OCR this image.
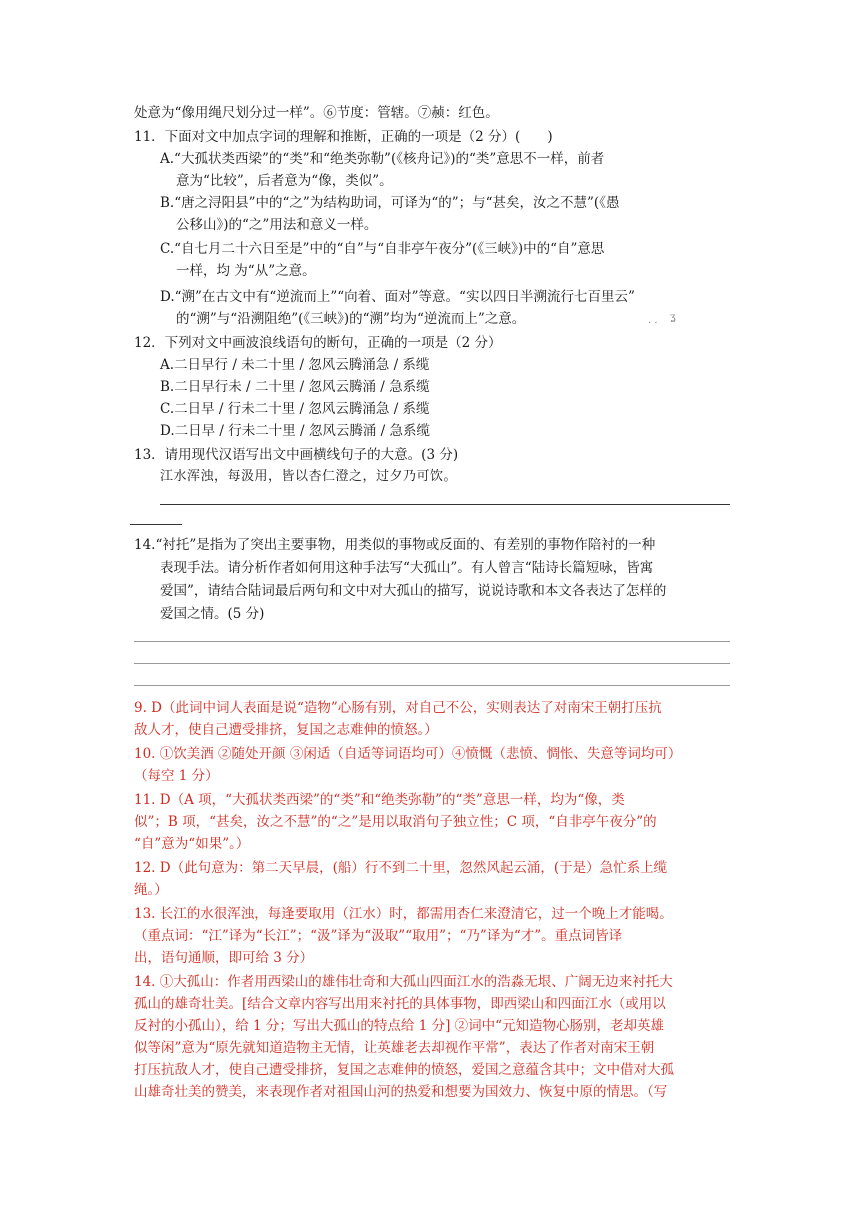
处意为“像用绳尺划分过一样”。⑥节度：管辖。⑦赪：红色。
11．下面对文中加点字词的理解和推断，正确的一项是（2 分）(　　)
A.“大孤状类西梁”的“类”和“绝类弥勒”(《核舟记》)的“类”意思不一样，前者
意为“比较”，后者意为“像，类似”。
B.“唐之浔阳县”中的“之”为结构助词，可译为“的”；与“甚矣，汝之不慧”(《愚
公移山》)的“之”用法和意义一样。
C.“自七月二十六日至是”中的“自”与“自非亭午夜分”(《三峡》)中的“自”意思
一样，均 为“从”之意。
D.“溯”在古文中有“逆流而上”“向着、面对”等意。“实以四日半溯流行七百里云”
的“溯”与“沿溯阻绝”(《三峡》)的“溯”均为“逆流而上”之意。	· ·
ʓ
12．下列对文中画波浪线语句的断句，正确的一项是（2 分）
A.二日早行 / 未二十里 / 忽风云腾涌急 / 系缆
B.二日早行未 / 二十里 / 忽风云腾涌 / 急系缆
C.二日早 / 行未二十里 / 忽风云腾涌急 / 系缆
D.二日早 / 行未二十里 / 忽风云腾涌 / 急系缆
13．请用现代汉语写出文中画横线句子的大意。(3 分)
江水浑浊，每汲用，皆以杏仁澄之，过夕乃可饮。
14.“衬托”是指为了突出主要事物，用类似的事物或反面的、有差别的事物作陪衬的一种
表现手法。请分析作者如何用这种手法写“大孤山”。有人曾言“陆诗长篇短咏，皆寓
爱国”，请结合陆词最后两句和文中对大孤山的描写，说说诗歌和本文各表达了怎样的
爱国之情。(5 分)
9. D（此词中词人表面是说“造物”心肠有别，对自己不公，实则表达了对南宋王朝打压抗
敌人才，使自己遭受排挤，复国之志难伸的愤怒。）
10. ①饮美酒 ②随处开颜 ③闲适（自适等词语均可）④愤慨（悲愤、惆怅、失意等词均可）
（每空 1 分）
11. D（A 项，“大孤状类西梁”的“类”和“绝类弥勒”的“类”意思一样，均为“像，类
似”；B 项，“甚矣，汝之不慧”的“之”是用以取消句子独立性；C 项，“自非亭午夜分”的
“自”意为“如果”。）
12. D（此句意为：第二天早晨，(船）行不到二十里，忽然风起云涌，(于是）急忙系上缆
绳。）
13. 长江的水很浑浊，每逢要取用（江水）时，都需用杏仁来澄清它，过一个晚上才能喝。
（重点词：“江”译为“长江”；“汲”译为“汲取”“取用”；“乃”译为“才”。重点词皆译
出，语句通顺，即可给 3 分）
14. ①大孤山：作者用西梁山的雄伟壮奇和大孤山四面江水的浩淼无垠、广阔无边来衬托大
孤山的雄奇壮美。[结合文章内容写出用来衬托的具体事物，即西梁山和四面江水（或用以
反衬的小孤山），给 1 分；写出大孤山的特点给 1 分] ②词中“元知造物心肠别，老却英雄
似等闲”意为“原先就知道造物主无情，让英雄老去却视作平常”，表达了作者对南宋王朝
打压抗敌人才，使自己遭受排挤，复国之志难伸的愤怒，爱国之意蕴含其中；文中借对大孤
山雄奇壮美的赞美，来表现作者对祖国山河的热爱和想要为国效力、恢复中原的情思。（写
